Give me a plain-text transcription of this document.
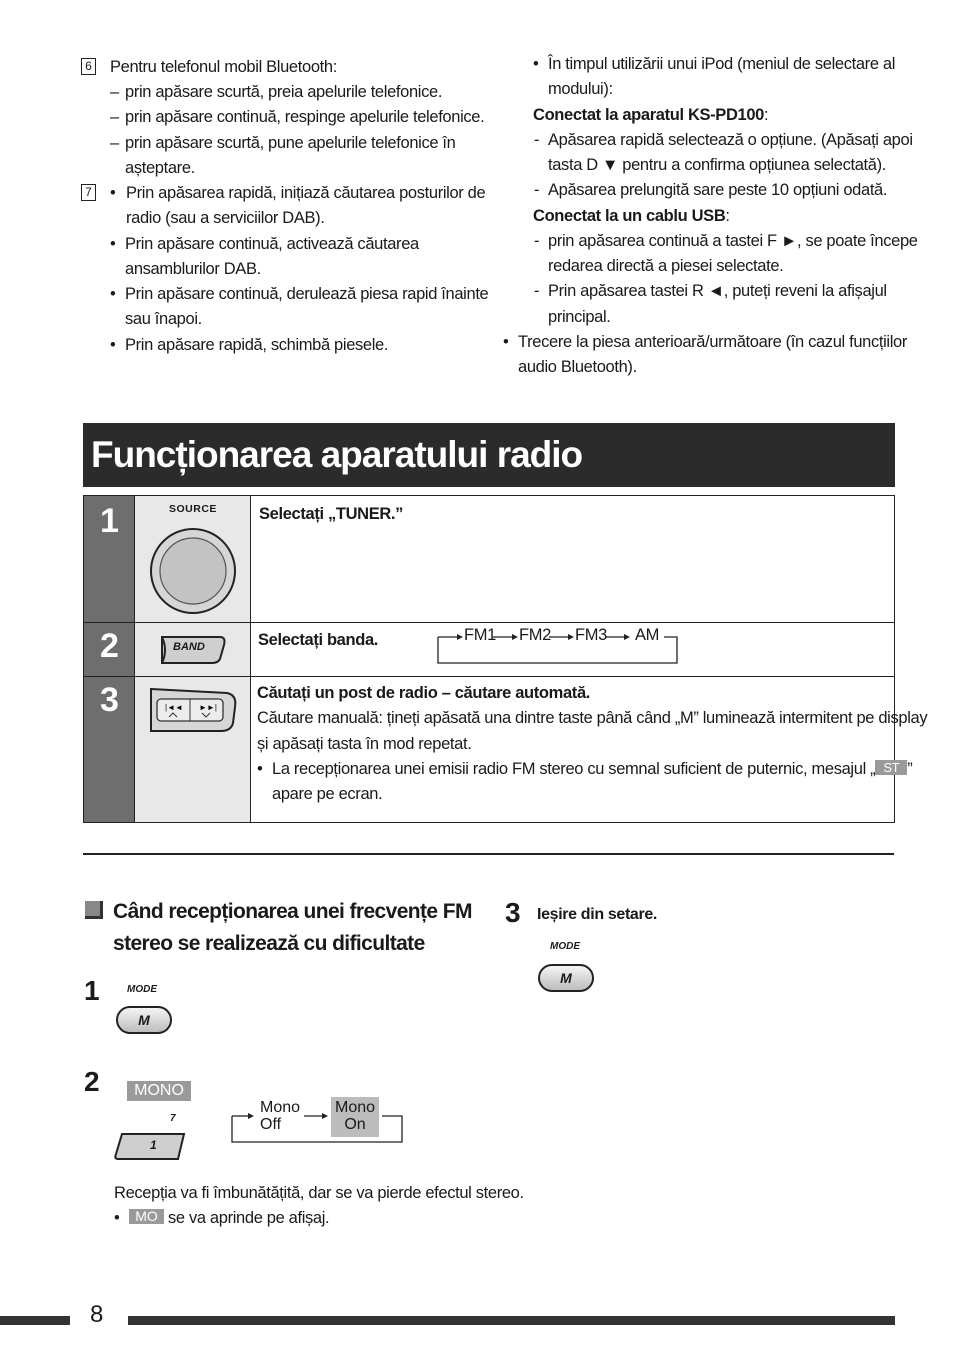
6 Pentru telefonul mobil Bluetooth:
– prin apăsare scurtă, preia apelurile telefonice.
– prin apăsare continuă, respinge apelurile telefonice.
– prin apăsare scurtă, pune apelurile telefonice în
așteptare.
7 • Prin apăsarea rapidă, inițiază căutarea posturilor de
radio (sau a serviciilor DAB).
• Prin apăsare continuă, activează căutarea
ansamblurilor DAB.
• Prin apăsare continuă, derulează piesa rapid înainte
sau înapoi.
• Prin apăsare rapidă, schimbă piesele.
• În timpul utilizării unui iPod (meniul de selectare al
modului):
Conectat la aparatul KS-PD100:
- Apăsarea rapidă selectează o opțiune. (Apăsați apoi
tasta D ▼ pentru a confirma opțiunea selectată).
- Apăsarea prelungită sare peste 10 opțiuni odată.
Conectat la un cablu USB:
- prin apăsarea continuă a tastei F ►, se poate începe
redarea directă a piesei selectate.
- Prin apăsarea tastei R ◄, puteți reveni la afișajul
principal.
• Trecere la piesa anterioară/următoare (în cazul funcțiilor
audio Bluetooth).
Funcționarea aparatului radio
1	SOURCE	Selectați „TUNER.”
2	BAND	Selectați banda.	FM1 FM2 FM3 AM
3	|◄◄ ►►|
Căutați un post de radio – căutare automată.
Căutare manuală: țineți apăsată una dintre taste până când „M” luminează intermitent pe display
și apăsați tasta în mod repetat.
• La recepționarea unei emisii radio FM stereo cu semnal suficient de puternic, mesajul „ ST ”
apare pe ecran.
Când recepționarea unei frecvențe FM
stereo se realizează cu dificultate
1	MODE
M
2	MONO
7
1
Mono
Off
Mono
On
Recepția va fi îmbunătățită, dar se va pierde efectul stereo.
•	MO se va aprinde pe afișaj.
3 Ieșire din setare.
MODE
M
8
